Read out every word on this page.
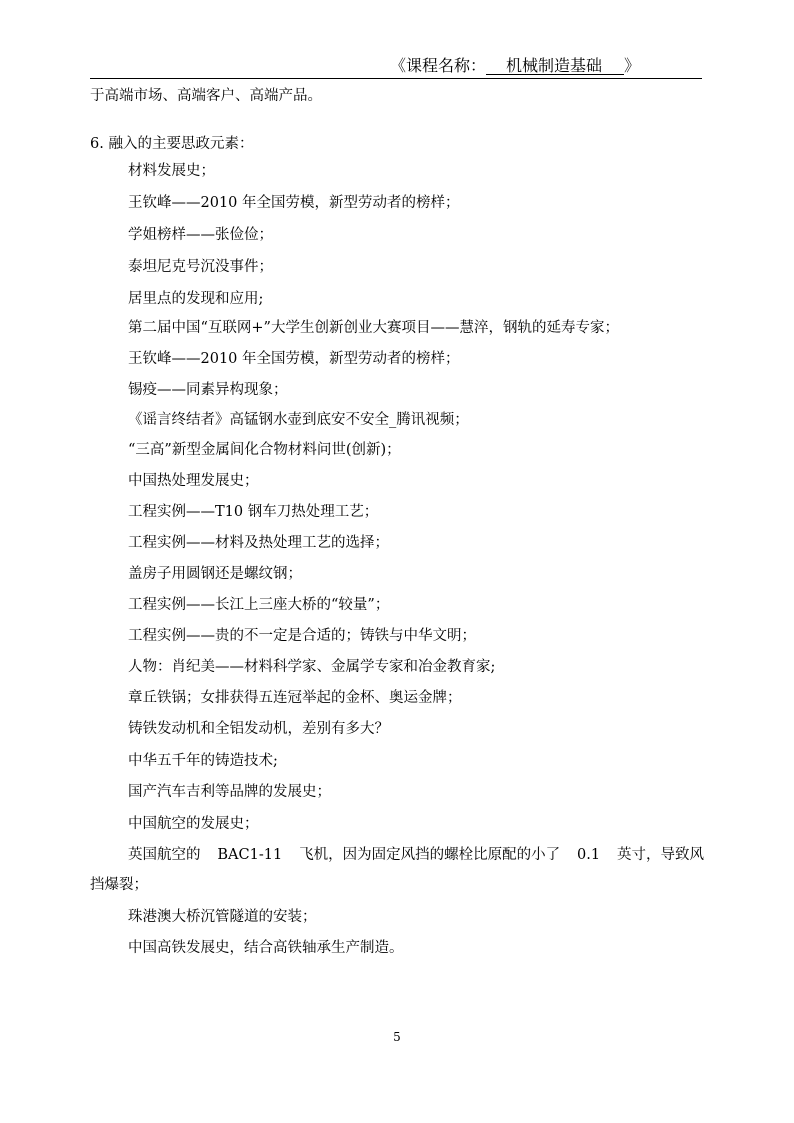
《课程名称： 机械制造基础 》
于高端市场、高端客户、高端产品。
6. 融入的主要思政元素：
材料发展史；
王钦峰——2010 年全国劳模，新型劳动者的榜样；
学姐榜样——张俭俭；
泰坦尼克号沉没事件；
居里点的发现和应用;
第二届中国“互联网+”大学生创新创业大赛项目——慧淬，钢轨的延寿专家；
王钦峰——2010 年全国劳模，新型劳动者的榜样；
锡疫——同素异构现象；
《谣言终结者》高锰钢水壶到底安不安全_腾讯视频；
“三高”新型金属间化合物材料问世(创新)；
中国热处理发展史；
工程实例——T10 钢车刀热处理工艺；
工程实例——材料及热处理工艺的选择；
盖房子用圆钢还是螺纹钢；
工程实例——长江上三座大桥的“较量”；
工程实例——贵的不一定是合适的；铸铁与中华文明；
人物：肖纪美——材料科学家、金属学专家和冶金教育家;
章丘铁锅；女排获得五连冠举起的金杯、奥运金牌；
铸铁发动机和全铝发动机，差别有多大？
中华五千年的铸造技术;
国产汽车吉利等品牌的发展史；
中国航空的发展史；
英国航空的 BAC1-11 飞机，因为固定风挡的螺栓比原配的小了 0.1 英寸，导致风
挡爆裂；
珠港澳大桥沉管隧道的安装；
中国高铁发展史，结合高铁轴承生产制造。
5
